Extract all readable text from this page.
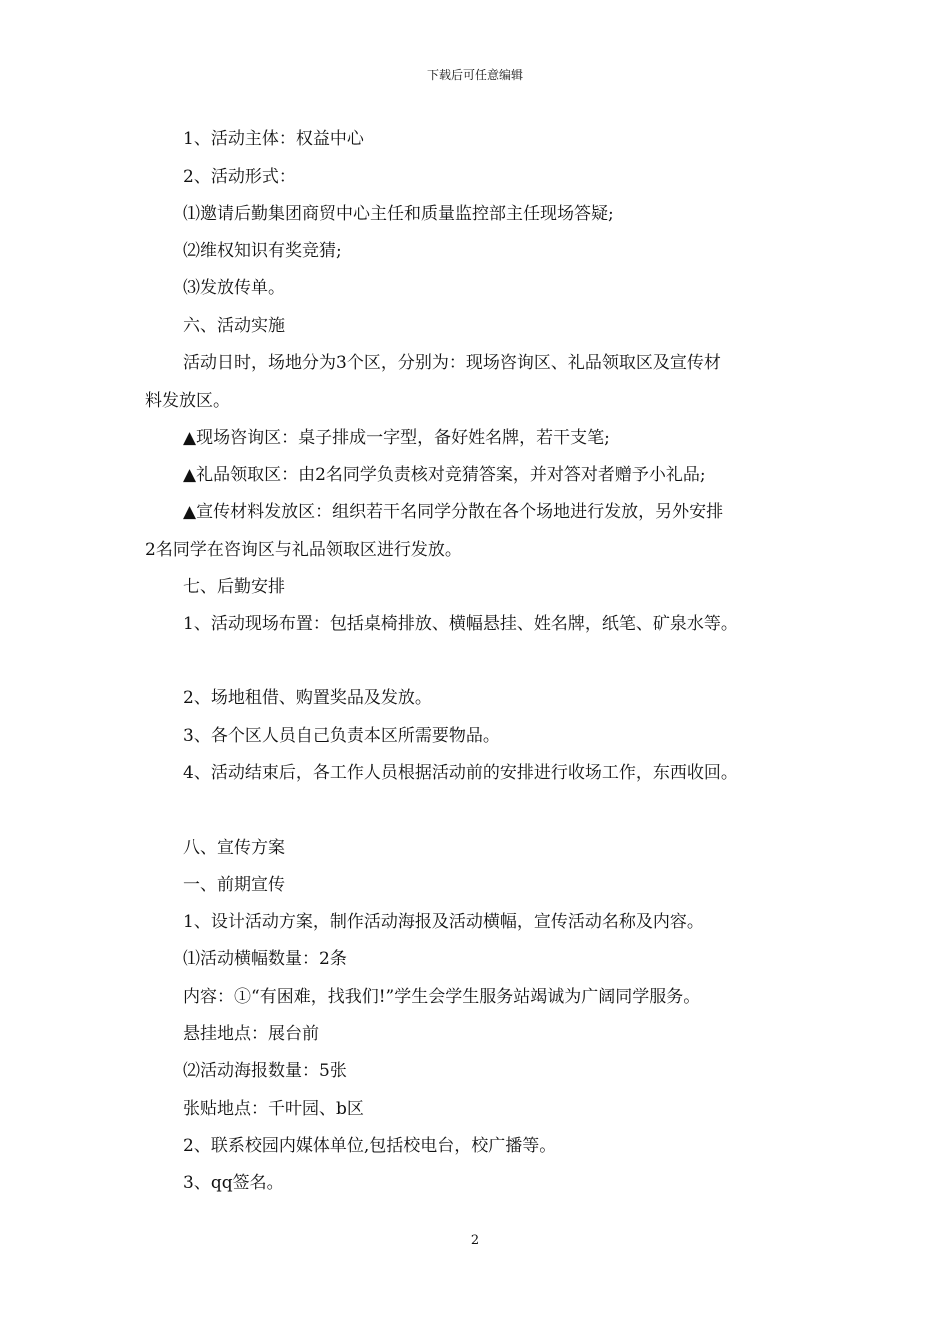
下载后可任意编辑
1、活动主体：权益中心
2、活动形式：
⑴邀请后勤集团商贸中心主任和质量监控部主任现场答疑;
⑵维权知识有奖竞猜;
⑶发放传单。
六、活动实施
活动日时，场地分为3个区，分别为：现场咨询区、礼品领取区及宣传材
料发放区。
▲现场咨询区：桌子排成一字型，备好姓名牌，若干支笔;
▲礼品领取区：由2名同学负责核对竞猜答案，并对答对者赠予小礼品;
▲宣传材料发放区：组织若干名同学分散在各个场地进行发放，另外安排
2名同学在咨询区与礼品领取区进行发放。
七、后勤安排
1、活动现场布置：包括桌椅排放、横幅悬挂、姓名牌，纸笔、矿泉水等。
2、场地租借、购置奖品及发放。
3、各个区人员自己负责本区所需要物品。
4、活动结束后，各工作人员根据活动前的安排进行收场工作，东西收回。
八、宣传方案
一、前期宣传
1、设计活动方案，制作活动海报及活动横幅，宣传活动名称及内容。
⑴活动横幅数量：2条
内容：①“有困难，找我们!”学生会学生服务站竭诚为广阔同学服务。
悬挂地点：展台前
⑵活动海报数量：5张
张贴地点：千叶园、b区
2、联系校园内媒体单位,包括校电台，校广播等。
3、qq签名。
2
